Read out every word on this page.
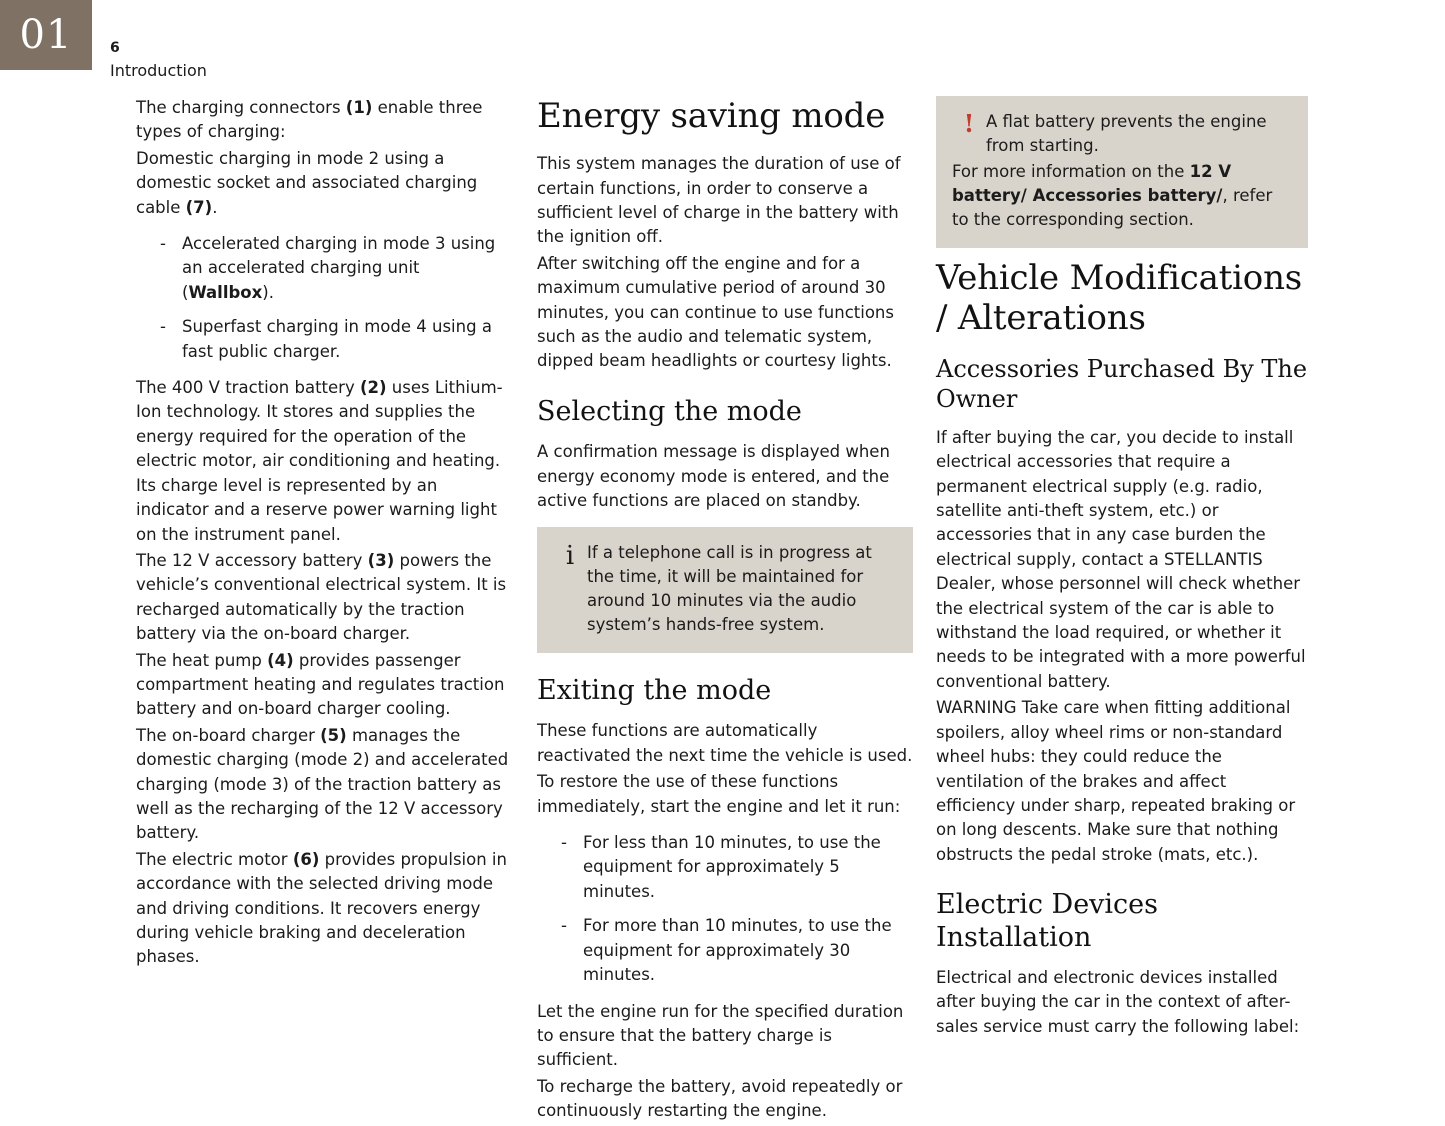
01	6
Introduction

The charging connectors (1) enable three types of charging:

Domestic charging in mode 2 using a domestic socket and associated charging cable (7).

- Accelerated charging in mode 3 using an accelerated charging unit (Wallbox).
- Superfast charging in mode 4 using a fast public charger.

The 400 V traction battery (2) uses Lithium-Ion technology. It stores and supplies the energy required for the operation of the electric motor, air conditioning and heating. Its charge level is represented by an indicator and a reserve power warning light on the instrument panel.

The 12 V accessory battery (3) powers the vehicle’s conventional electrical system. It is recharged automatically by the traction battery via the on-board charger.

The heat pump (4) provides passenger compartment heating and regulates traction battery and on-board charger cooling.

The on-board charger (5) manages the domestic charging (mode 2) and accelerated charging (mode 3) of the traction battery as well as the recharging of the 12 V accessory battery.

The electric motor (6) provides propulsion in accordance with the selected driving mode and driving conditions. It recovers energy during vehicle braking and deceleration phases.

Energy saving mode

This system manages the duration of use of certain functions, in order to conserve a sufficient level of charge in the battery with the ignition off.

After switching off the engine and for a maximum cumulative period of around 30 minutes, you can continue to use functions such as the audio and telematic system, dipped beam headlights or courtesy lights.

Selecting the mode

A confirmation message is displayed when energy economy mode is entered, and the active functions are placed on standby.

i If a telephone call is in progress at the time, it will be maintained for around 10 minutes via the audio system’s hands-free system.
Exiting the mode

These functions are automatically reactivated the next time the vehicle is used.

To restore the use of these functions immediately, start the engine and let it run:

- For less than 10 minutes, to use the equipment for approximately 5 minutes.
- For more than 10 minutes, to use the equipment for approximately 30 minutes.

Let the engine run for the specified duration to ensure that the battery charge is sufficient.

To recharge the battery, avoid repeatedly or continuously restarting the engine.

! A flat battery prevents the engine from starting.
For more information on the 12 V battery/ Accessories battery/, refer to the corresponding section.
Vehicle Modifications / Alterations
Accessories Purchased By The Owner

If after buying the car, you decide to install electrical accessories that require a permanent electrical supply (e.g. radio, satellite anti-theft system, etc.) or accessories that in any case burden the electrical supply, contact a STELLANTIS Dealer, whose personnel will check whether the electrical system of the car is able to withstand the load required, or whether it needs to be integrated with a more powerful conventional battery.

WARNING Take care when fitting additional spoilers, alloy wheel rims or non-standard wheel hubs: they could reduce the ventilation of the brakes and affect efficiency under sharp, repeated braking or on long descents. Make sure that nothing obstructs the pedal stroke (mats, etc.).

Electric Devices Installation

Electrical and electronic devices installed after buying the car in the context of after-sales service must carry the following label:
